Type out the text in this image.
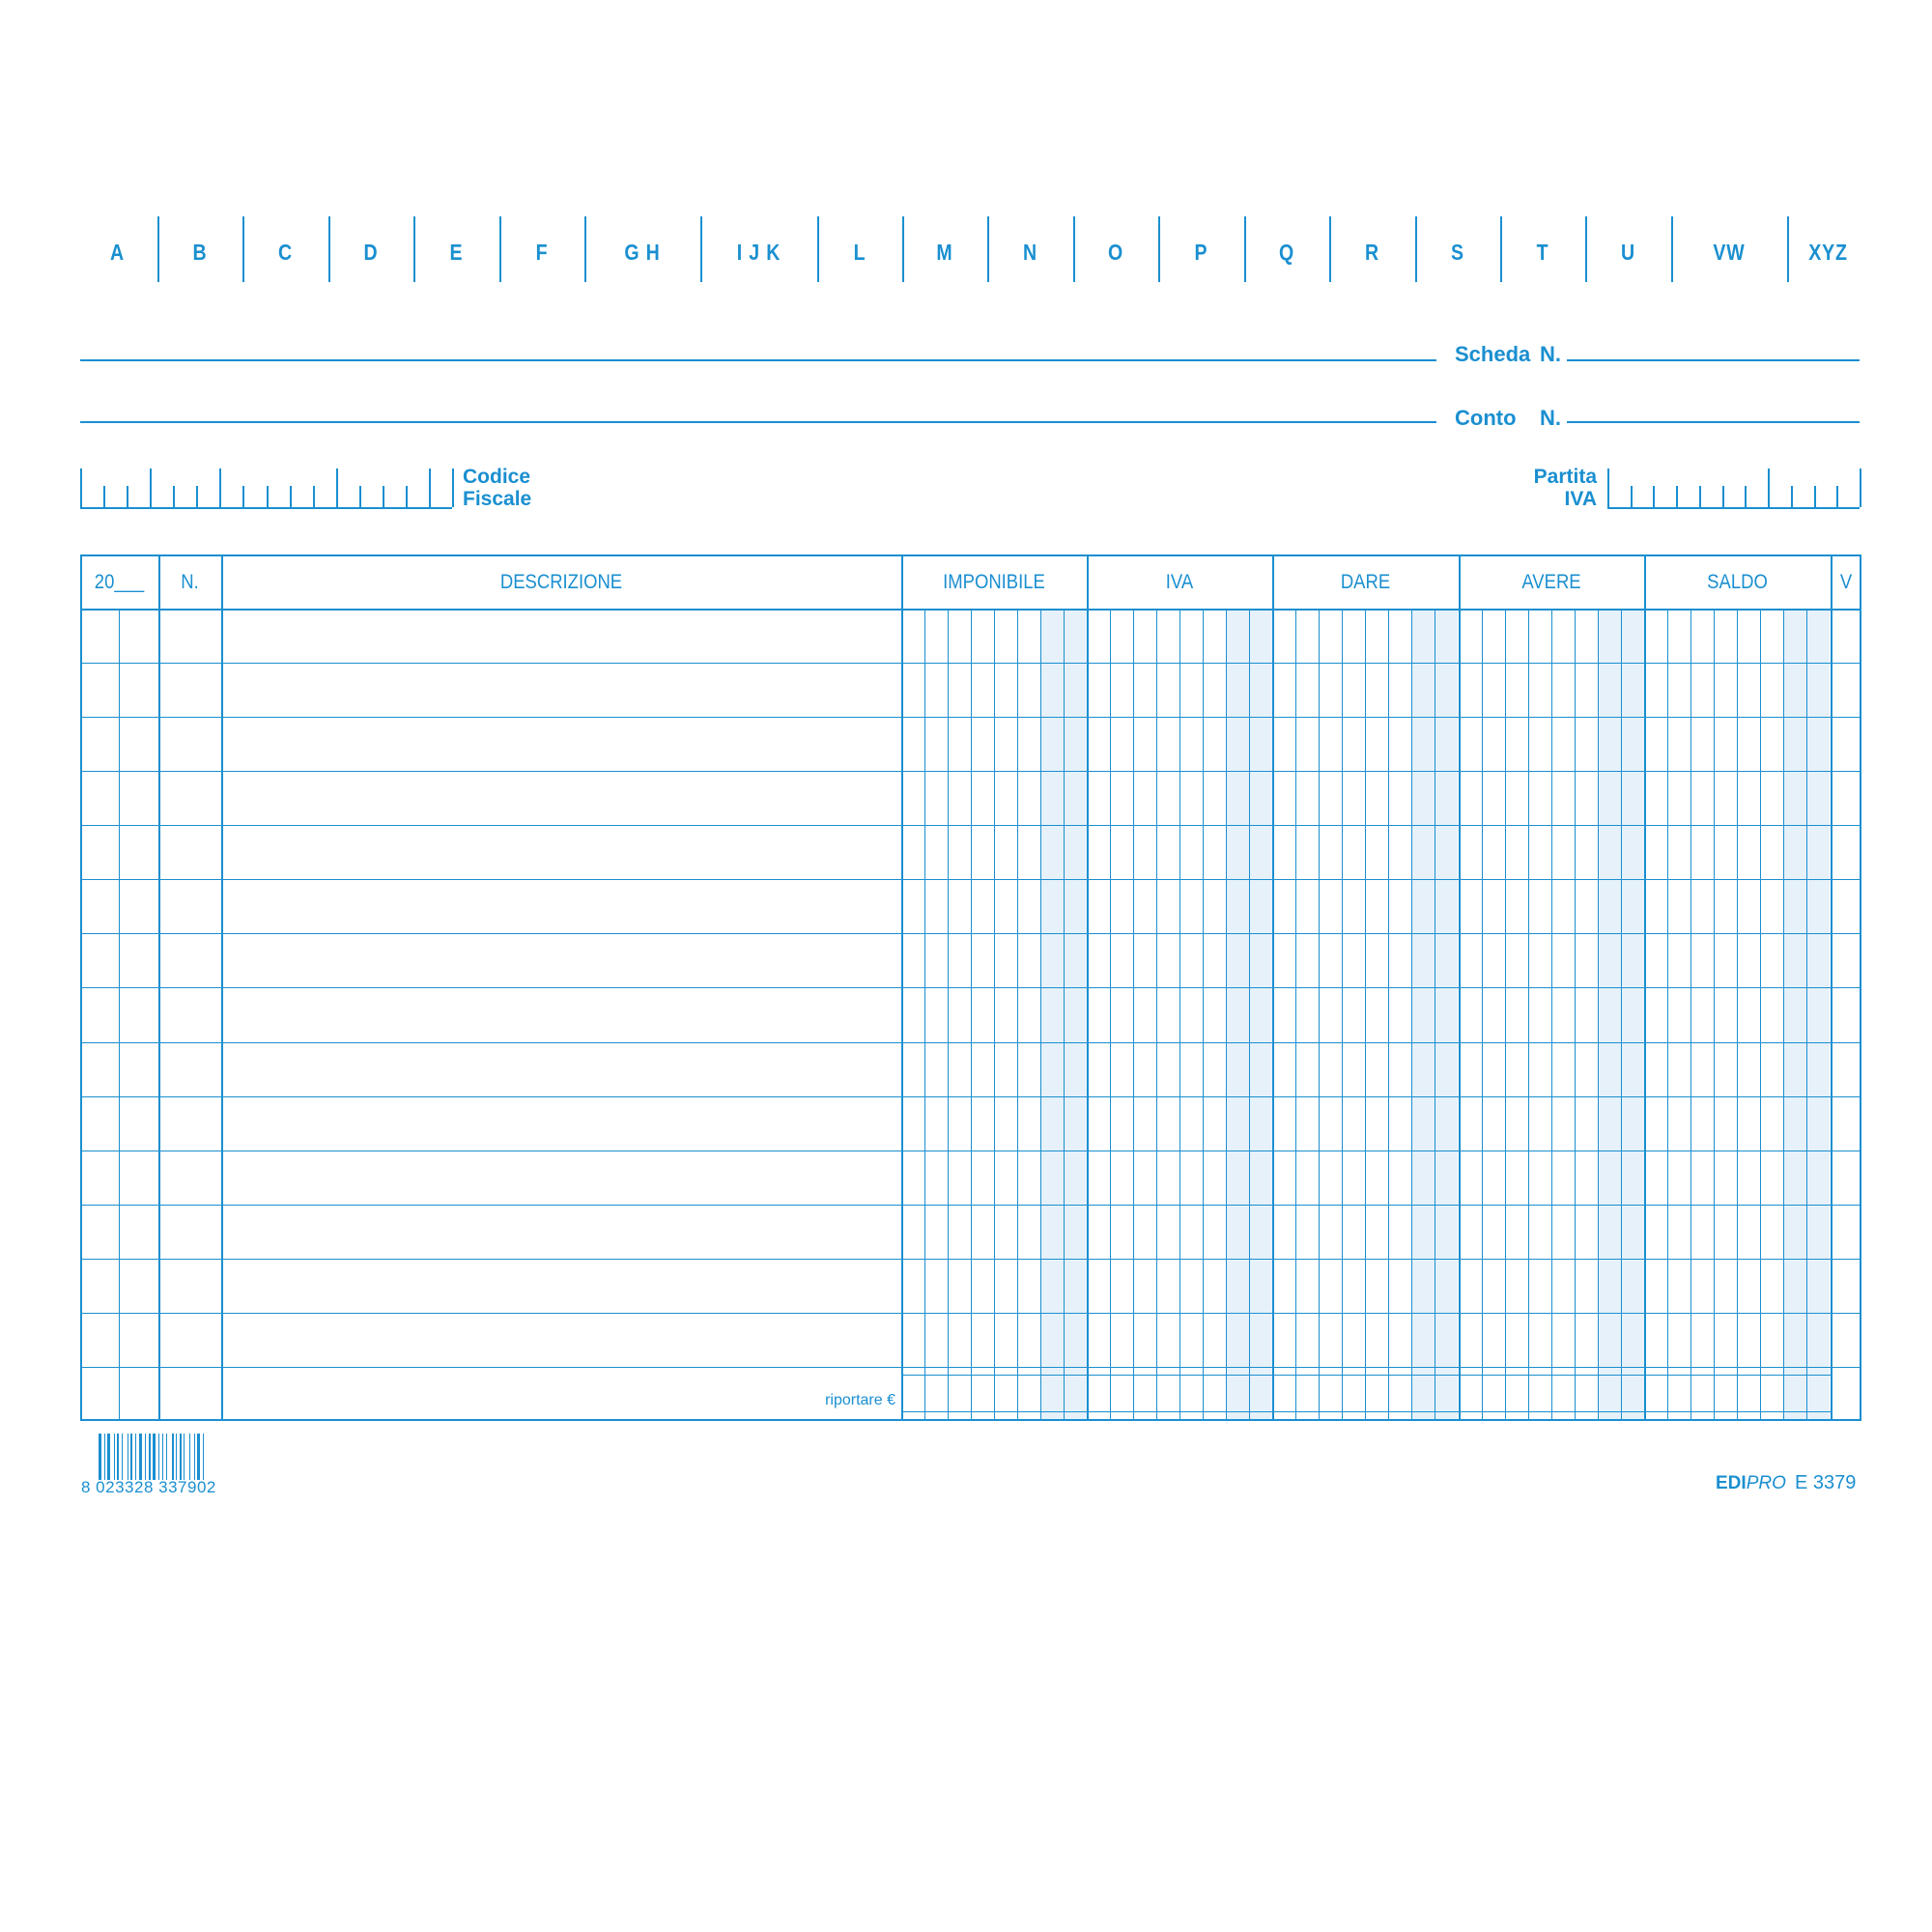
A	B	C	D	E	F	G H	I J K	L	M	N	O	P	Q	R	S	T	U	VW	XYZ
Scheda N.
Conto N.
Codice
Fiscale
Partita
IVA
20___	N.	DESCRIZIONE	IMPONIBILE	IVA	DARE	AVERE	SALDO	V
riportare €
8 023328 337902	EDIPRO E 3379
